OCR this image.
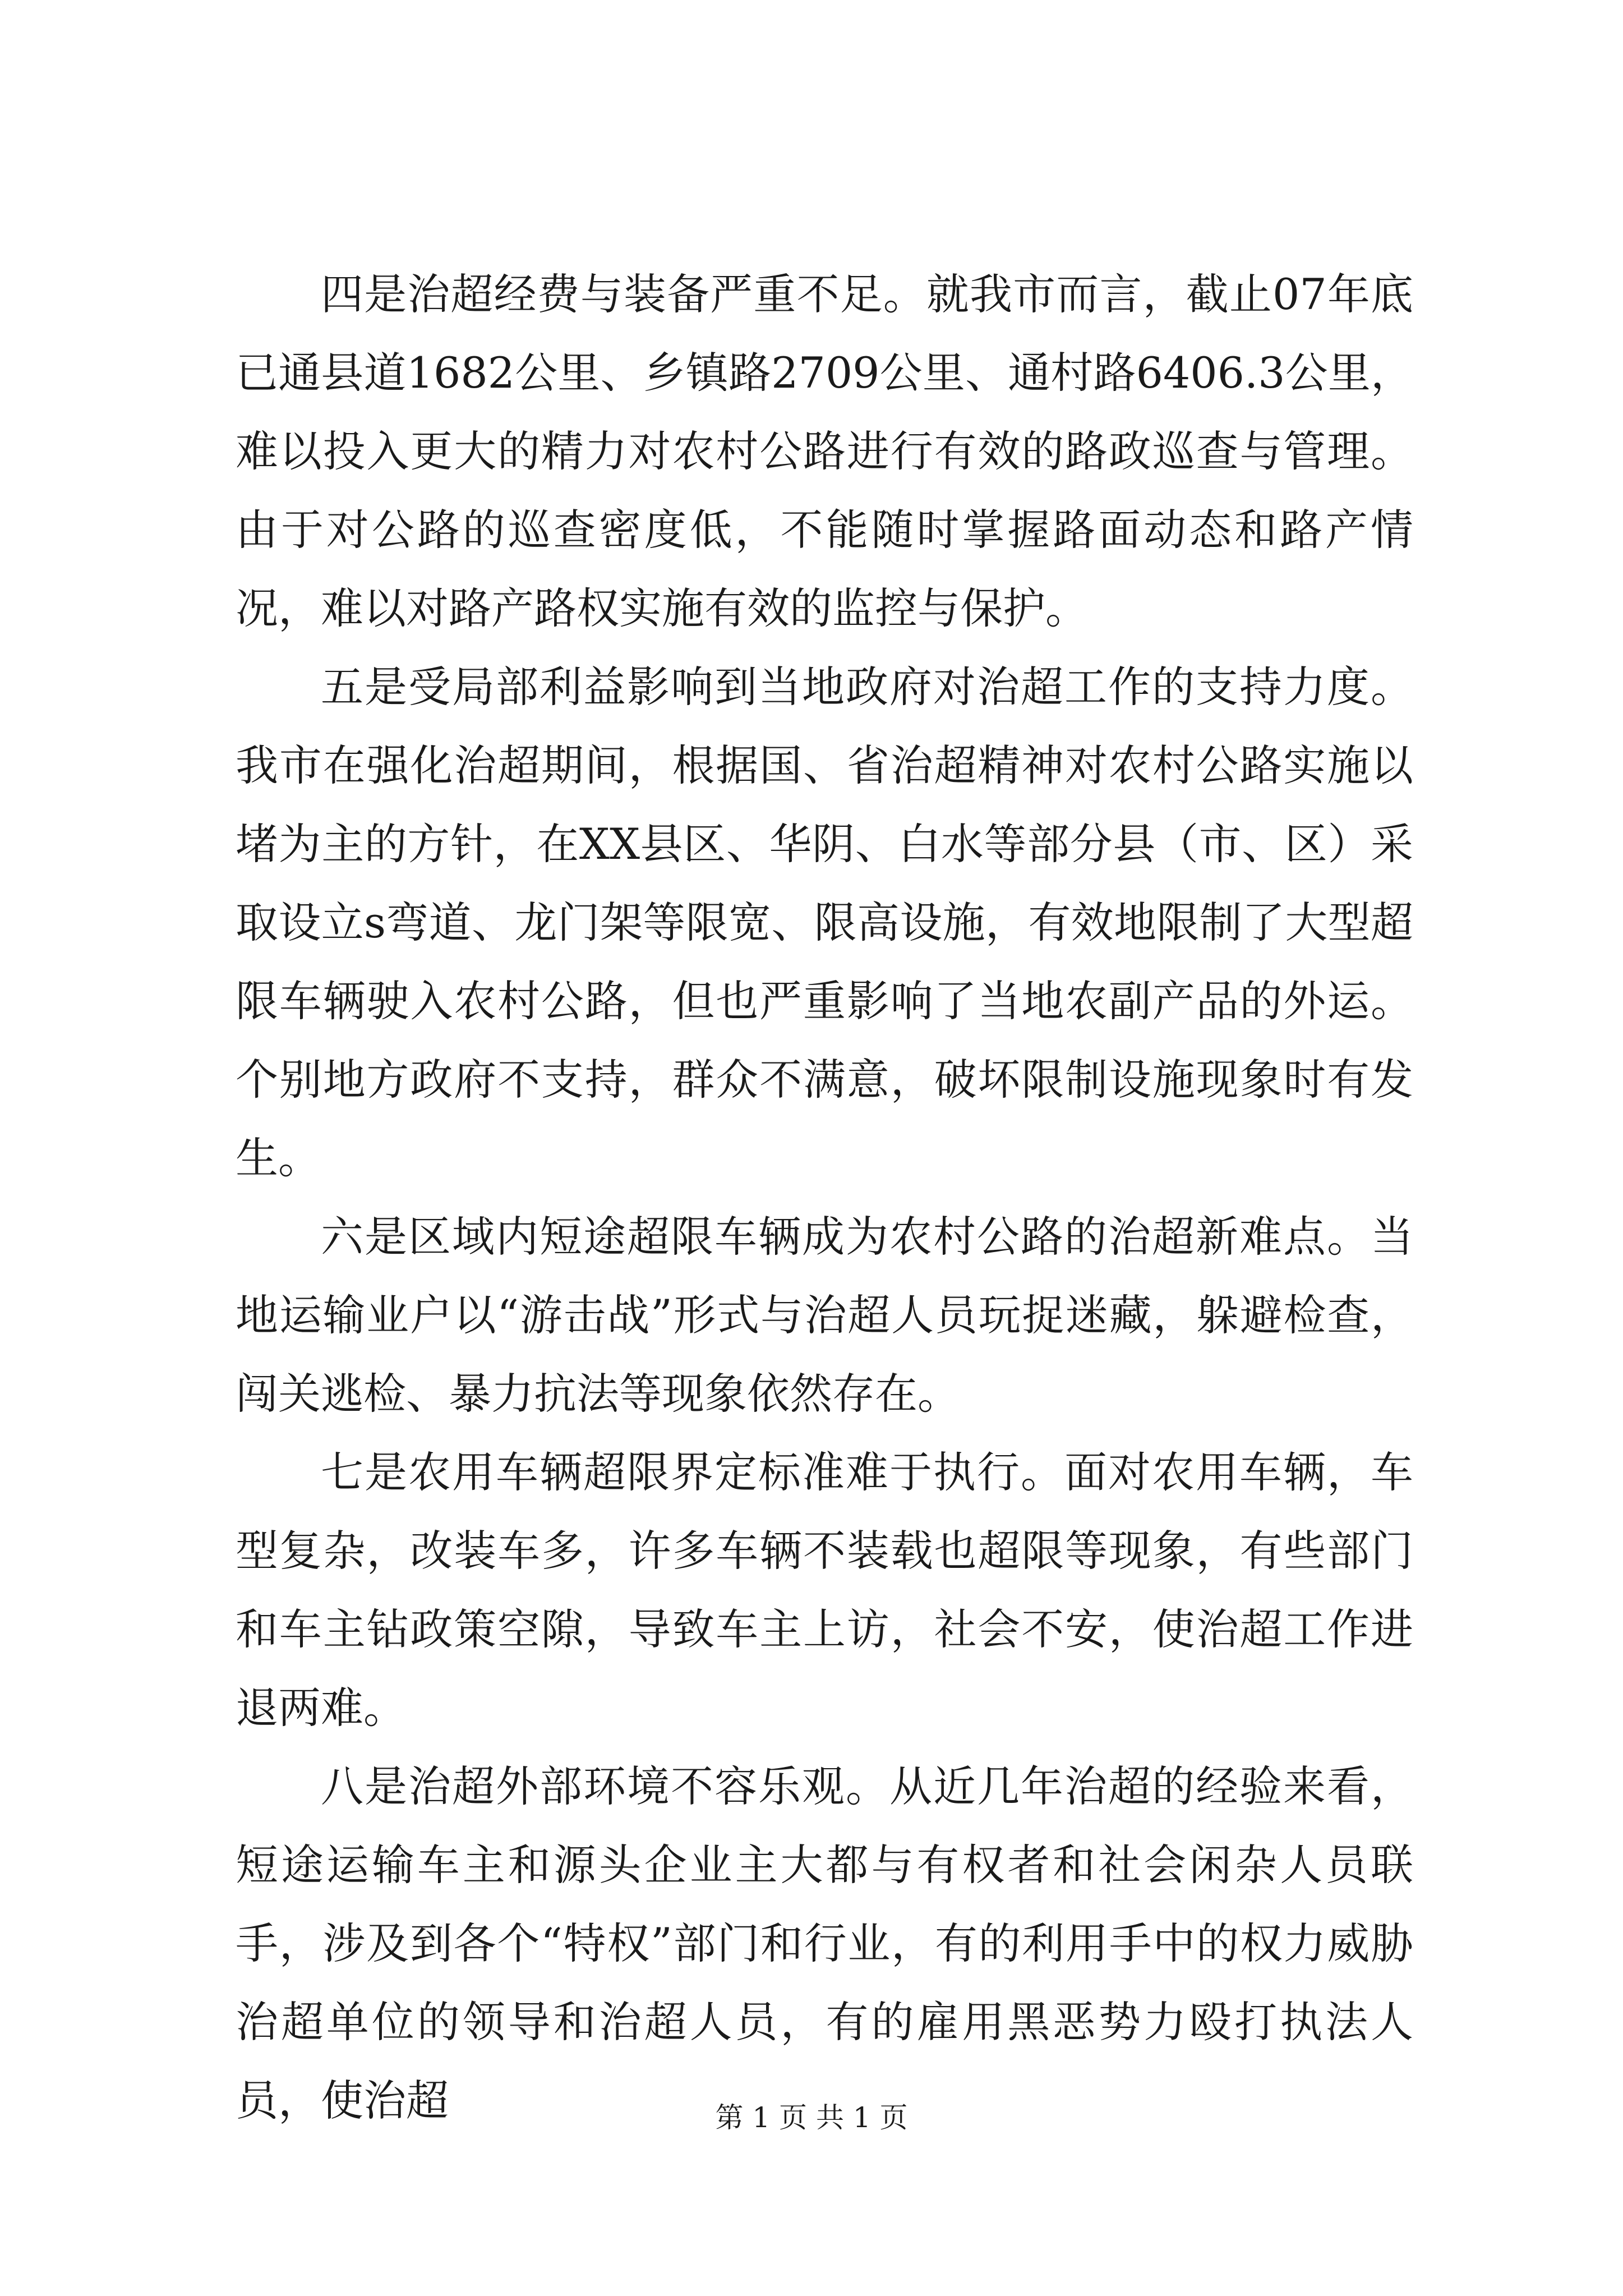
四是治超经费与装备严重不足。就我市而言，截止07年底已通县道1682公里、乡镇路2709公里、通村路6406.3公里，难以投入更大的精力对农村公路进行有效的路政巡查与管理。由于对公路的巡查密度低，不能随时掌握路面动态和路产情况，难以对路产路权实施有效的监控与保护。

五是受局部利益影响到当地政府对治超工作的支持力度。我市在强化治超期间，根据国、省治超精神对农村公路实施以堵为主的方针，在XX县区、华阴、白水等部分县（市、区）采取设立s弯道、龙门架等限宽、限高设施，有效地限制了大型超限车辆驶入农村公路，但也严重影响了当地农副产品的外运。个别地方政府不支持，群众不满意，破坏限制设施现象时有发生。

六是区域内短途超限车辆成为农村公路的治超新难点。当地运输业户以“游击战”形式与治超人员玩捉迷藏，躲避检查，闯关逃检、暴力抗法等现象依然存在。

七是农用车辆超限界定标准难于执行。面对农用车辆，车型复杂，改装车多，许多车辆不装载也超限等现象，有些部门和车主钻政策空隙，导致车主上访，社会不安，使治超工作进退两难。

八是治超外部环境不容乐观。从近几年治超的经验来看，短途运输车主和源头企业主大都与有权者和社会闲杂人员联手，涉及到各个“特权”部门和行业，有的利用手中的权力威胁治超单位的领导和治超人员，有的雇用黑恶势力殴打执法人员，使治超	第 1 页 共 1 页
